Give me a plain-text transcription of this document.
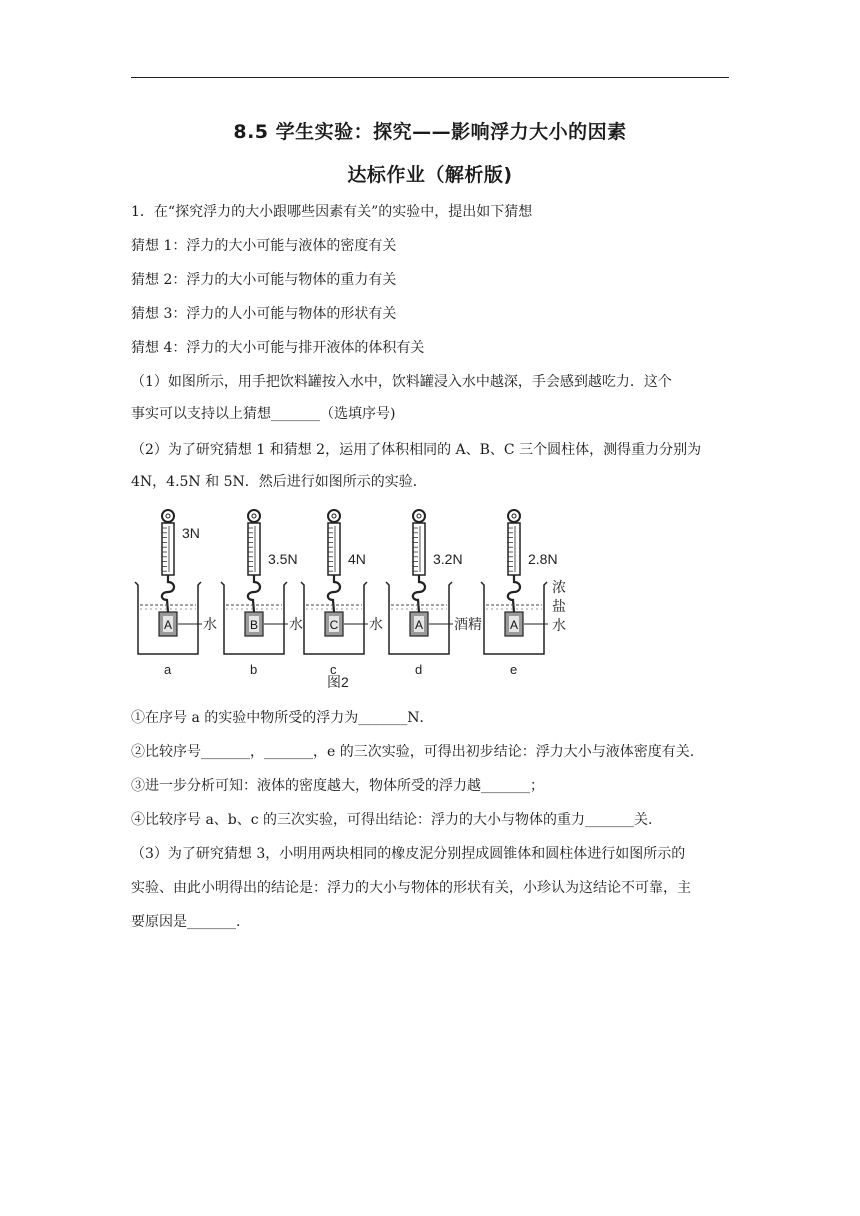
8.5 学生实验：探究——影响浮力大小的因素
达标作业（解析版)
1．在“探究浮力的大小跟哪些因素有关”的实验中，提出如下猜想
猜想 1：浮力的大小可能与液体的密度有关
猜想 2：浮力的大小可能与物体的重力有关
猜想 3：浮力的人小可能与物体的形状有关
猜想 4：浮力的大小可能与排开液体的体积有关
（1）如图所示，用手把饮料罐按入水中，饮料罐浸入水中越深，手会感到越吃力．这个
事实可以支持以上猜想_______（选填序号)
（2）为了研究猜想 1 和猜想 2，运用了体积相同的 A、B、C 三个圆柱体，测得重力分别为
4N，4.5N 和 5N．然后进行如图所示的实验．
3N
A 水
a
3.5N
B 水
b
4N
C 水
c
3.2N
A 酒精
d
2.8N
A
浓
盐
水
e
图2
①在序号 a 的实验中物所受的浮力为_______N．
②比较序号_______，_______，e 的三次实验，可得出初步结论：浮力大小与液体密度有关.
③进一步分析可知：液体的密度越大，物体所受的浮力越_______；
④比较序号 a、b、c 的三次实验，可得出结论：浮力的大小与物体的重力_______关.
（3）为了研究猜想 3，小明用两块相同的橡皮泥分别捏成圆锥体和圆柱体进行如图所示的
实验、由此小明得出的结论是：浮力的大小与物体的形状有关，小珍认为这结论不可靠，主
要原因是_______.
